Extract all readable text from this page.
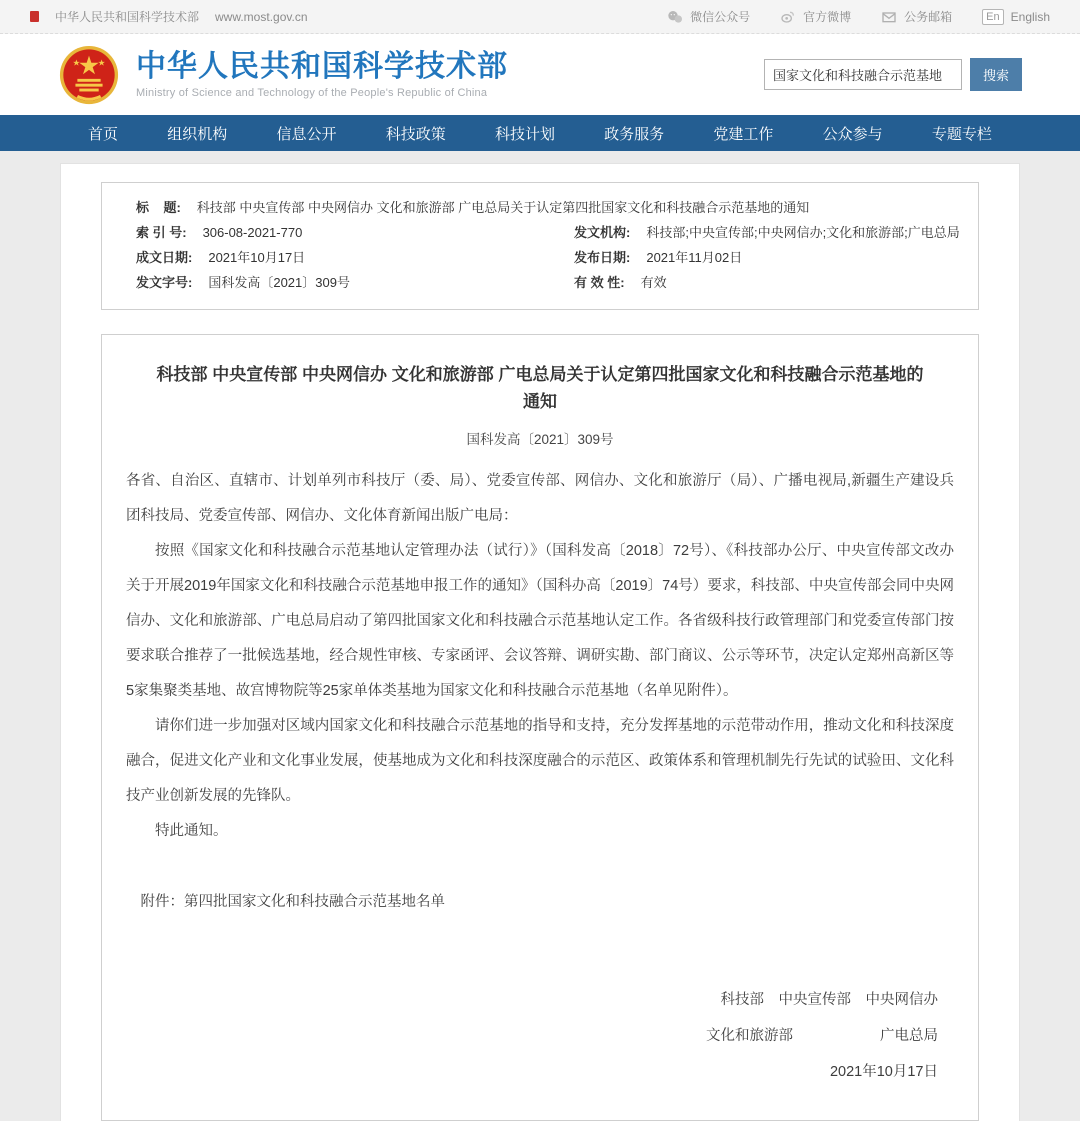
中华人民共和国科学技术部 www.most.gov.cn	微信公众号	官方微博	公务邮箱	En English
中华人民共和国科学技术部
Ministry of Science and Technology of the People's Republic of China
国家文化和科技融合示范基地
搜索
首页	组织机构	信息公开	科技政策	科技计划	政务服务	党建工作	公众参与	专题专栏
标    题: 科技部 中央宣传部 中央网信办 文化和旅游部 广电总局关于认定第四批国家文化和科技融合示范基地的通知
索 引 号: 306-08-2021-770	发文机构: 科技部;中央宣传部;中央网信办;文化和旅游部;广电总局
成文日期: 2021年10月17日	发布日期: 2021年11月02日
发文字号: 国科发高〔2021〕309号	有 效 性: 有效
科技部 中央宣传部 中央网信办 文化和旅游部 广电总局关于认定第四批国家文化和科技融合示范基地的通知
国科发高〔2021〕309号
各省、自治区、直辖市、计划单列市科技厅（委、局）、党委宣传部、网信办、文化和旅游厅（局）、广播电视局,新疆生产建设兵团科技局、党委宣传部、网信办、文化体育新闻出版广电局：
按照《国家文化和科技融合示范基地认定管理办法（试行）》（国科发高〔2018〕72号）、《科技部办公厅、中央宣传部文改办关于开展2019年国家文化和科技融合示范基地申报工作的通知》（国科办高〔2019〕74号）要求，科技部、中央宣传部会同中央网信办、文化和旅游部、广电总局启动了第四批国家文化和科技融合示范基地认定工作。各省级科技行政管理部门和党委宣传部门按要求联合推荐了一批候选基地，经合规性审核、专家函评、会议答辩、调研实勘、部门商议、公示等环节，决定认定郑州高新区等5家集聚类基地、故宫博物院等25家单体类基地为国家文化和科技融合示范基地（名单见附件）。
请你们进一步加强对区域内国家文化和科技融合示范基地的指导和支持，充分发挥基地的示范带动作用，推动文化和科技深度融合，促进文化产业和文化事业发展，使基地成为文化和科技深度融合的示范区、政策体系和管理机制先行先试的试验田、文化科技产业创新发展的先锋队。
特此通知。
附件：第四批国家文化和科技融合示范基地名单
科技部　中央宣传部　中央网信办
文化和旅游部　　　　　　广电总局
2021年10月17日
